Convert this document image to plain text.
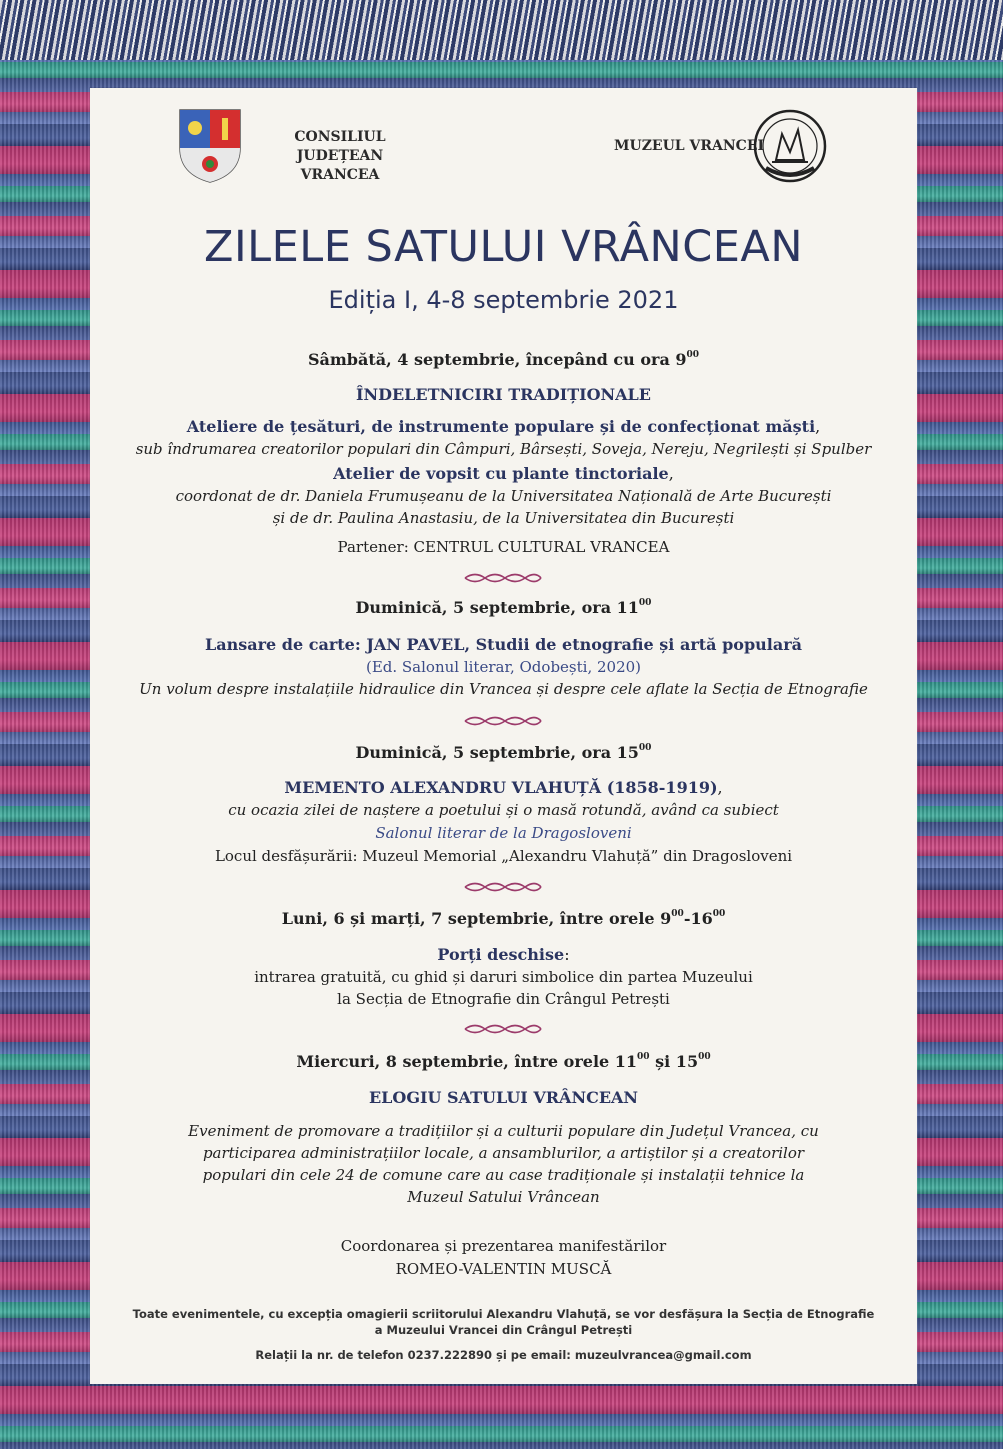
CONSILIUL JUDEȚEAN
VRANCEA
MUZEUL VRANCEI
ZILELE SATULUI VRÂNCEAN
Ediția I, 4-8 septembrie 2021
Sâmbătă, 4 septembrie, începând cu ora $9^{00}$
ÎNDELETNICIRI TRADIȚIONALE
Ateliere de țesături, de instrumente populare și de confecționat măști,
sub îndrumarea creatorilor populari din Câmpuri, Bârsești, Soveja, Nereju, Negrilești și Spulber
Atelier de vopsit cu plante tinctoriale,
coordonat de dr. Daniela Frumușeanu de la Universitatea Națională de Arte București
și de dr. Paulina Anastasiu, de la Universitatea din București
Partener: CENTRUL CULTURAL VRANCEA
Duminică, 5 septembrie, ora $11^{00}$
Lansare de carte: JAN PAVEL, Studii de etnografie și artă populară
(Ed. Salonul literar, Odobești, 2020)
Un volum despre instalațiile hidraulice din Vrancea și despre cele aflate la Secția de Etnografie
Duminică, 5 septembrie, ora $15^{00}$
MEMENTO ALEXANDRU VLAHUȚĂ (1858-1919),
cu ocazia zilei de naștere a poetului și o masă rotundă, având ca subiect
Salonul literar de la Dragosloveni
Locul desfășurării: Muzeul Memorial „Alexandru Vlahuță” din Dragosloveni
Luni, 6 și marți, 7 septembrie, între orele $9^{00}-16^{00}$
Porți deschise:
intrarea gratuită, cu ghid și daruri simbolice din partea Muzeului
la Secția de Etnografie din Crângul Petrești
Miercuri, 8 septembrie, între orele $11^{00}$ și $15^{00}$
ELOGIU SATULUI VRÂNCEAN
Eveniment de promovare a tradițiilor și a culturii populare din Județul Vrancea, cu
participarea administrațiilor locale, a ansamblurilor, a artiștilor și a creatorilor
populari din cele 24 de comune care au case tradiționale și instalații tehnice la
Muzeul Satului Vrâncean
Coordonarea și prezentarea manifestărilor
ROMEO-VALENTIN MUSCĂ
Toate evenimentele, cu excepția omagierii scriitorului Alexandru Vlahuță, se vor desfășura la Secția de Etnografie
a Muzeului Vrancei din Crângul Petrești
Relații la nr. de telefon 0237.222890 și pe email: muzeulvrancea@gmail.com
